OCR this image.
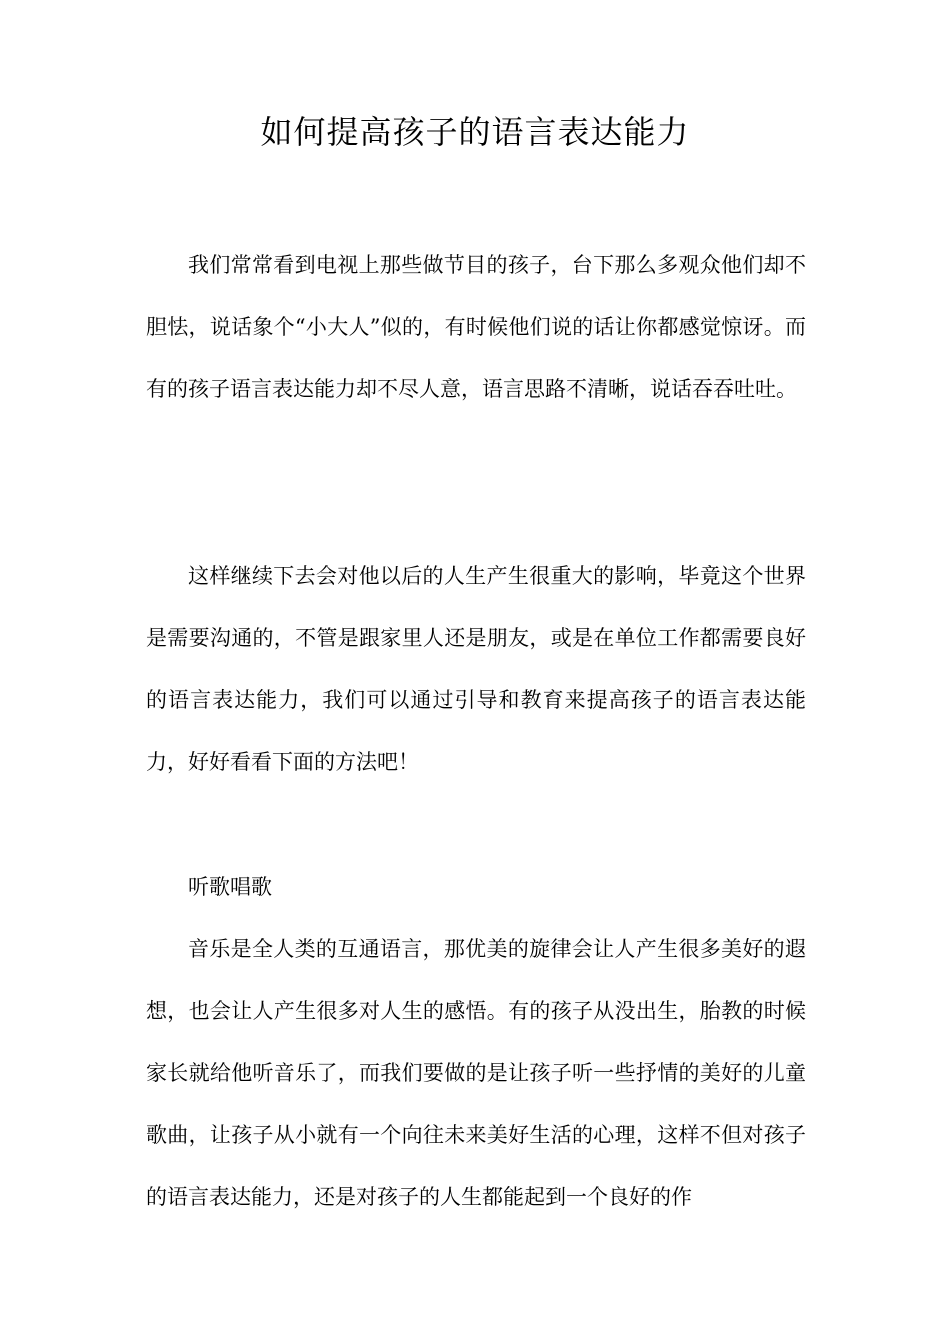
如何提高孩子的语言表达能力

我们常常看到电视上那些做节目的孩子，台下那么多观众他们却不胆怯，说话象个“小大人”似的，有时候他们说的话让你都感觉惊讶。而有的孩子语言表达能力却不尽人意，语言思路不清晰，说话吞吞吐吐。

这样继续下去会对他以后的人生产生很重大的影响，毕竟这个世界是需要沟通的，不管是跟家里人还是朋友，或是在单位工作都需要良好的语言表达能力，我们可以通过引导和教育来提高孩子的语言表达能力，好好看看下面的方法吧！

听歌唱歌

音乐是全人类的互通语言，那优美的旋律会让人产生很多美好的遐想，也会让人产生很多对人生的感悟。有的孩子从没出生，胎教的时候家长就给他听音乐了，而我们要做的是让孩子听一些抒情的美好的儿童歌曲，让孩子从小就有一个向往未来美好生活的心理，这样不但对孩子的语言表达能力，还是对孩子的人生都能起到一个良好的作
